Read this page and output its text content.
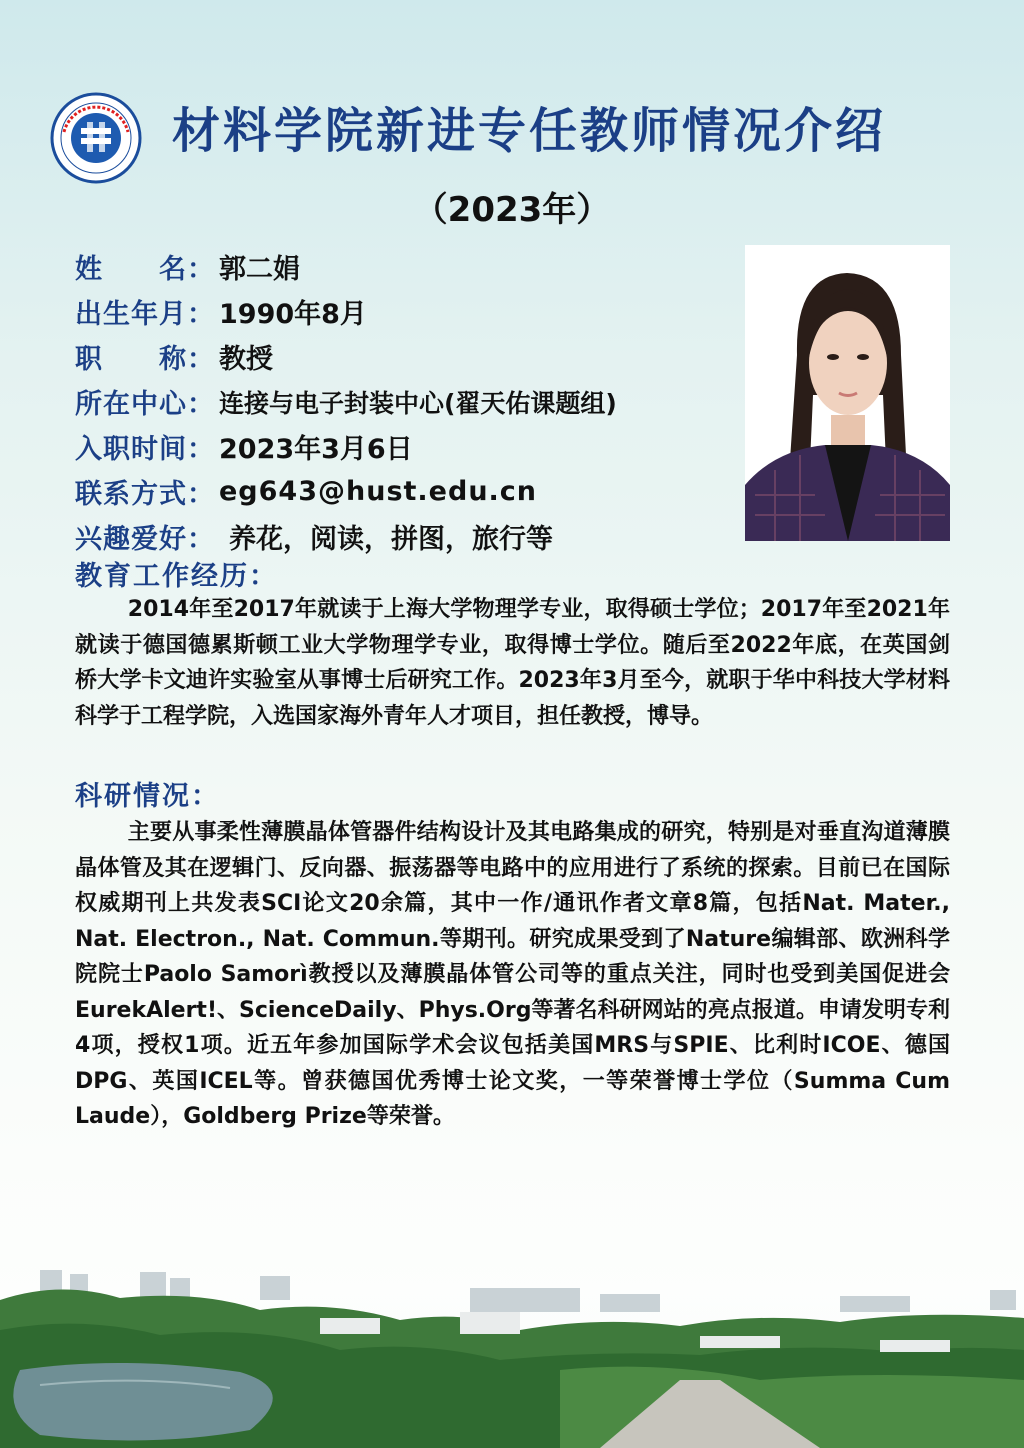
材料学院新进专任教师情况介绍
（2023年）
姓　　名： 郭二娟
出生年月： 1990年8月
职　　称： 教授
所在中心： 连接与电子封装中心(翟天佑课题组)
入职时间： 2023年3月6日
联系方式： eg643@hust.edu.cn
兴趣爱好： 养花，阅读，拼图，旅行等
教育工作经历：
2014年至2017年就读于上海大学物理学专业，取得硕士学位；2017年至2021年就读于德国德累斯顿工业大学物理学专业，取得博士学位。随后至2022年底，在英国剑桥大学卡文迪许实验室从事博士后研究工作。2023年3月至今，就职于华中科技大学材料科学于工程学院，入选国家海外青年人才项目，担任教授，博导。
科研情况：
主要从事柔性薄膜晶体管器件结构设计及其电路集成的研究，特别是对垂直沟道薄膜晶体管及其在逻辑门、反向器、振荡器等电路中的应用进行了系统的探索。目前已在国际权威期刊上共发表SCI论文20余篇，其中一作/通讯作者文章8篇，包括Nat. Mater., Nat. Electron., Nat. Commun.等期刊。研究成果受到了Nature编辑部、欧洲科学院院士Paolo Samorì教授以及薄膜晶体管公司等的重点关注，同时也受到美国促进会EurekAlert!、ScienceDaily、Phys.Org等著名科研网站的亮点报道。申请发明专利4项，授权1项。近五年参加国际学术会议包括美国MRS与SPIE、比利时ICOE、德国DPG、英国ICEL等。曾获德国优秀博士论文奖，一等荣誉博士学位（Summa Cum Laude），Goldberg Prize等荣誉。
